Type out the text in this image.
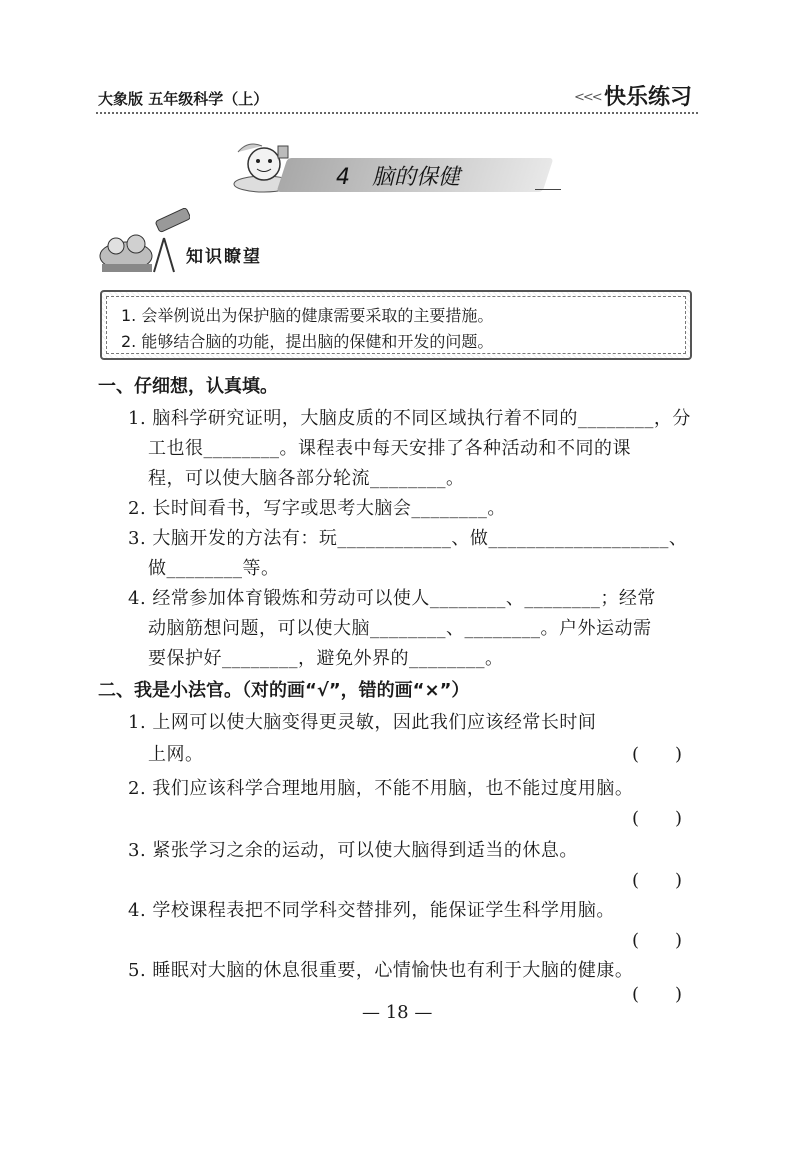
大象版 五年级科学（上）	<<< 快乐练习
4　脑的保健
知识瞭望
1. 会举例说出为保护脑的健康需要采取的主要措施。
2. 能够结合脑的功能，提出脑的保健和开发的问题。
一、仔细想，认真填。
1. 脑科学研究证明，大脑皮质的不同区域执行着不同的________，分
工也很________。课程表中每天安排了各种活动和不同的课
程，可以使大脑各部分轮流________。
2. 长时间看书，写字或思考大脑会________。
3. 大脑开发的方法有：玩____________、做___________________、
做________等。
4. 经常参加体育锻炼和劳动可以使人________、________；经常
动脑筋想问题，可以使大脑________、________。户外运动需
要保护好________，避免外界的________。
二、我是小法官。（对的画“√”，错的画“×”）
1. 上网可以使大脑变得更灵敏，因此我们应该经常长时间
上网。	(　　)
2. 我们应该科学合理地用脑，不能不用脑，也不能过度用脑。
(　　)
3. 紧张学习之余的运动，可以使大脑得到适当的休息。
(　　)
4. 学校课程表把不同学科交替排列，能保证学生科学用脑。
(　　)
5. 睡眠对大脑的休息很重要，心情愉快也有利于大脑的健康。
(　　)
— 18 —
